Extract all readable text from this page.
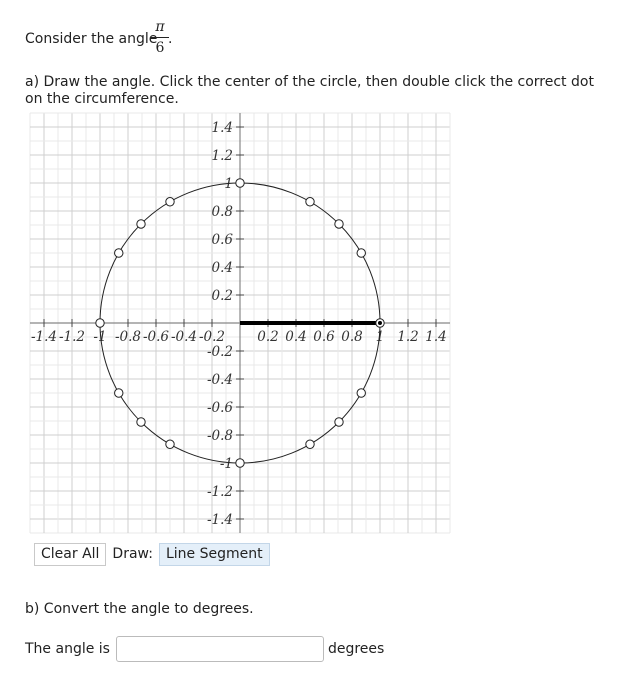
Consider the angle
π
6
.
a) Draw the angle. Click the center of the circle, then double click the correct dot on the circumference.
-1.4 -1.2 -1 -0.8 -0.6 -0.4 -0.2 0.2 0.4 0.6 0.8 1 1.2 1.4
1.4
1.2
1
0.8
0.6
0.4
0.2
-0.2
-0.4
-0.6
-0.8
-1
-1.2
-1.4
Clear All Draw: Line Segment
b) Convert the angle to degrees.
The angle is	degrees
